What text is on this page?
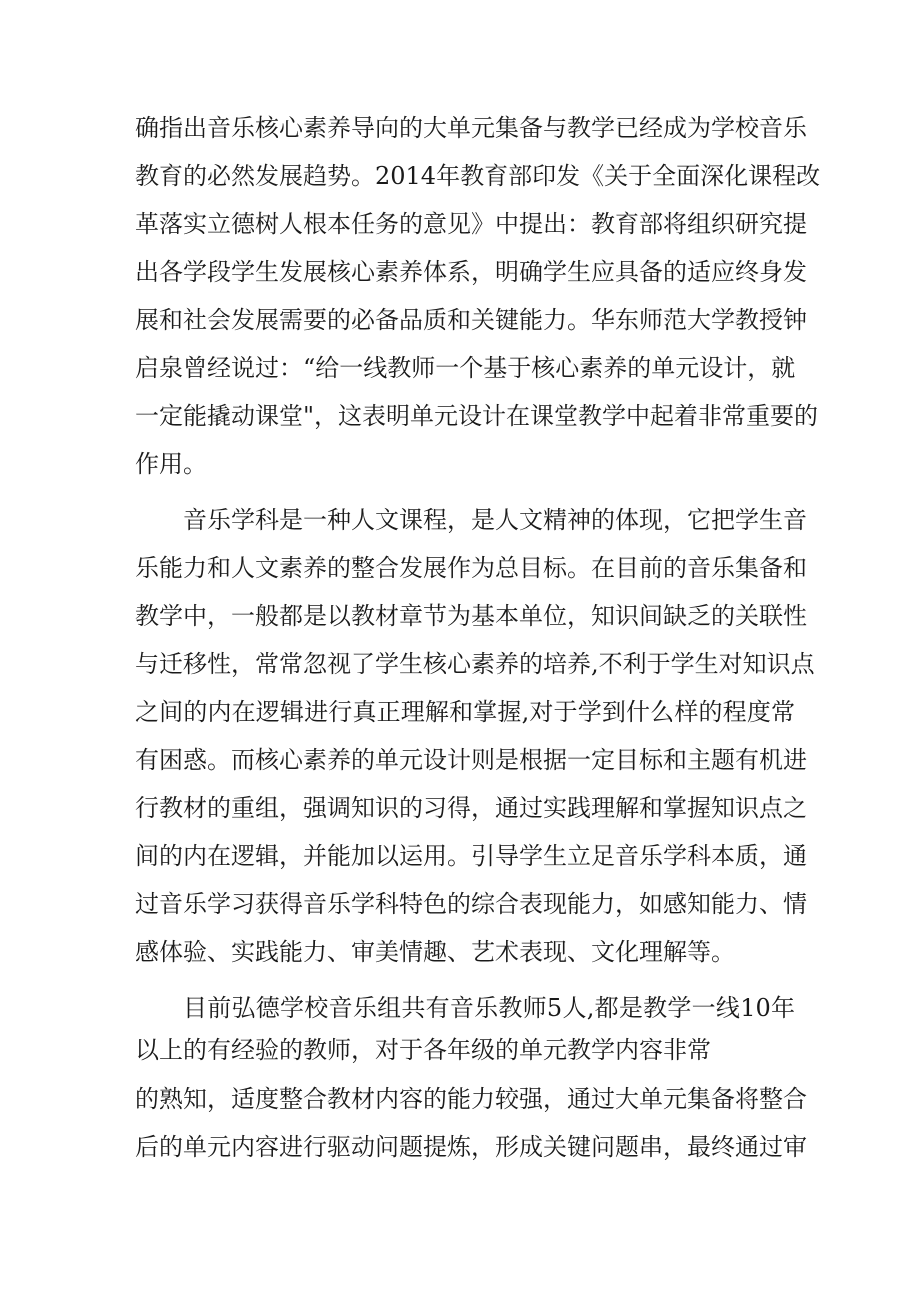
确指出音乐核心素养导向的大单元集备与教学已经成为学校音乐
教育的必然发展趋势。2014年教育部印发《关于全面深化课程改
革落实立德树人根本任务的意见》中提出：教育部将组织研究提
出各学段学生发展核心素养体系，明确学生应具备的适应终身发
展和社会发展需要的必备品质和关键能力。华东师范大学教授钟
启泉曾经说过：“给一线教师一个基于核心素养的单元设计，就
一定能撬动课堂"，这表明单元设计在课堂教学中起着非常重要的
作用。
音乐学科是一种人文课程，是人文精神的体现，它把学生音
乐能力和人文素养的整合发展作为总目标。在目前的音乐集备和
教学中，一般都是以教材章节为基本单位，知识间缺乏的关联性
与迁移性，常常忽视了学生核心素养的培养,不利于学生对知识点
之间的内在逻辑进行真正理解和掌握,对于学到什么样的程度常
有困惑。而核心素养的单元设计则是根据一定目标和主题有机进
行教材的重组，强调知识的习得，通过实践理解和掌握知识点之
间的内在逻辑，并能加以运用。引导学生立足音乐学科本质，通
过音乐学习获得音乐学科特色的综合表现能力，如感知能力、情
感体验、实践能力、审美情趣、艺术表现、文化理解等。
目前弘德学校音乐组共有音乐教师5人,都是教学一线10年
以上的有经验的教师，对于各年级的单元教学内容非常
的熟知，适度整合教材内容的能力较强，通过大单元集备将整合
后的单元内容进行驱动问题提炼，形成关键问题串，最终通过审
